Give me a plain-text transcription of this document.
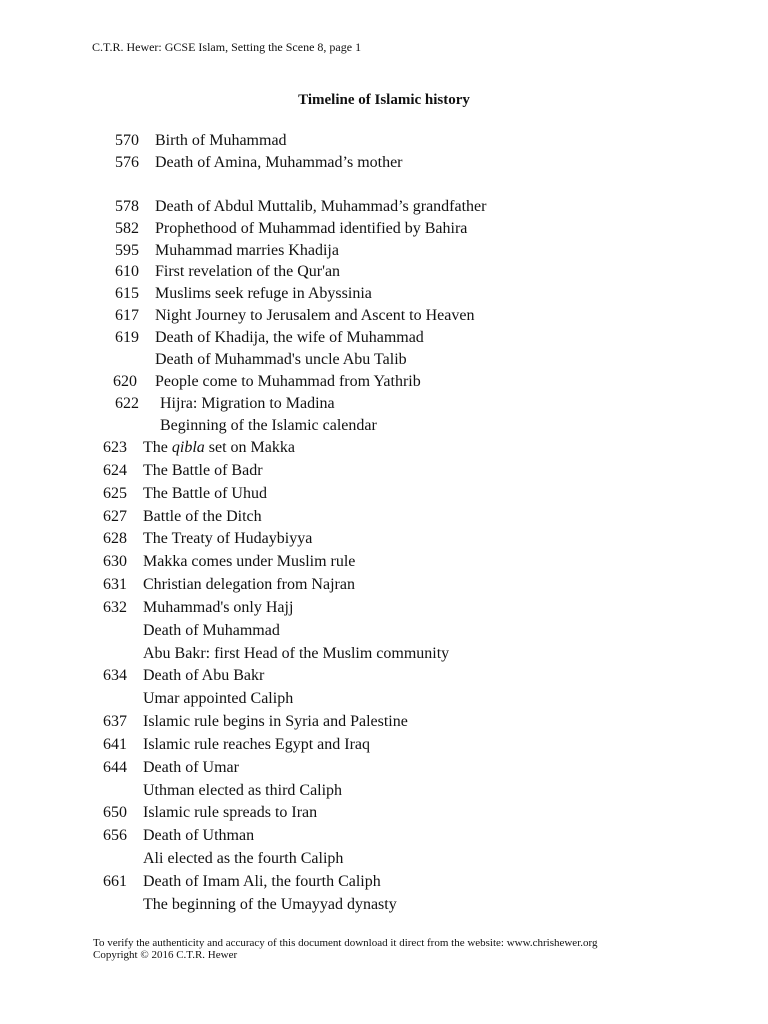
C.T.R. Hewer: GCSE Islam, Setting the Scene 8, page 1
Timeline of Islamic history
570 Birth of Muhammad
576 Death of Amina, Muhammad’s mother
578 Death of Abdul Muttalib, Muhammad’s grandfather
582 Prophethood of Muhammad identified by Bahira
595 Muhammad marries Khadija
610 First revelation of the Qur'an
615 Muslims seek refuge in Abyssinia
617 Night Journey to Jerusalem and Ascent to Heaven
619 Death of Khadija, the wife of Muhammad
Death of Muhammad's uncle Abu Talib
620 People come to Muhammad from Yathrib
622 Hijra: Migration to Madina
Beginning of the Islamic calendar
623 The qibla set on Makka
624 The Battle of Badr
625 The Battle of Uhud
627 Battle of the Ditch
628 The Treaty of Hudaybiyya
630 Makka comes under Muslim rule
631 Christian delegation from Najran
632 Muhammad's only Hajj
Death of Muhammad
Abu Bakr: first Head of the Muslim community
634 Death of Abu Bakr
Umar appointed Caliph
637 Islamic rule begins in Syria and Palestine
641 Islamic rule reaches Egypt and Iraq
644 Death of Umar
Uthman elected as third Caliph
650 Islamic rule spreads to Iran
656 Death of Uthman
Ali elected as the fourth Caliph
661 Death of Imam Ali, the fourth Caliph
The beginning of the Umayyad dynasty
To verify the authenticity and accuracy of this document download it direct from the website: www.chrishewer.org
Copyright © 2016 C.T.R. Hewer
